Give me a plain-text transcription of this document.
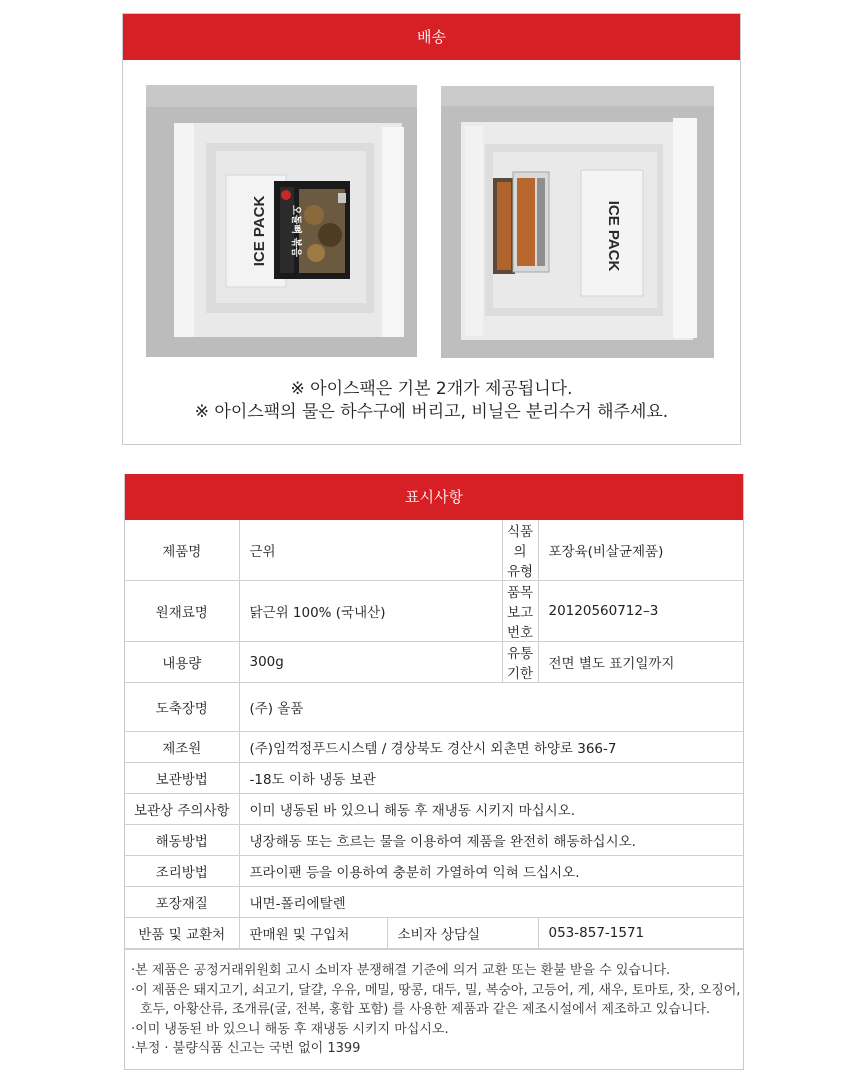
배송
ICE PACK 오돌뼈 볶음	ICE PACK
※ 아이스팩은 기본 2개가 제공됩니다.
※ 아이스팩의 물은 하수구에 버리고, 비닐은 분리수거 해주세요.
표시사항
제품명	근위		식품의 유형	포장육(비살균제품)
원재료명	닭근위 100% (국내산)		품목보고번호	20120560712–3
내용량	300g		유통기한	전면 별도 표기일까지
도축장명	(주) 올품			
제조원	(주)임꺽정푸드시스템 / 경상북도 경산시 외촌면 하양로 366-7			
보관방법	-18도 이하 냉동 보관			
보관상 주의사항	이미 냉동된 바 있으니 해동 후 재냉동 시키지 마십시오.			
해동방법	냉장해동 또는 흐르는 물을 이용하여 제품을 완전히 해동하십시오.			
조리방법	프라이팬 등을 이용하여 충분히 가열하여 익혀 드십시오.			
포장재질	내면-폴리에탈렌			
반품 및 교환처	판매원 및 구입처	소비자 상담실		053-857-1571
·본 제품은 공정거래위원회 고시 소비자 분쟁해결 기준에 의거 교환 또는 환불 받을 수 있습니다.
·이 제품은 돼지고기, 쇠고기, 달걀, 우유, 메밀, 땅콩, 대두, 밀, 복숭아, 고등어, 게, 새우, 토마토, 잣, 오징어,
호두, 아황산류, 조개류(굴, 전복, 홍합 포함) 를 사용한 제품과 같은 제조시설에서 제조하고 있습니다.
·이미 냉동된 바 있으니 해동 후 재냉동 시키지 마십시오.
·부정 · 불량식품 신고는 국번 없이 1399
